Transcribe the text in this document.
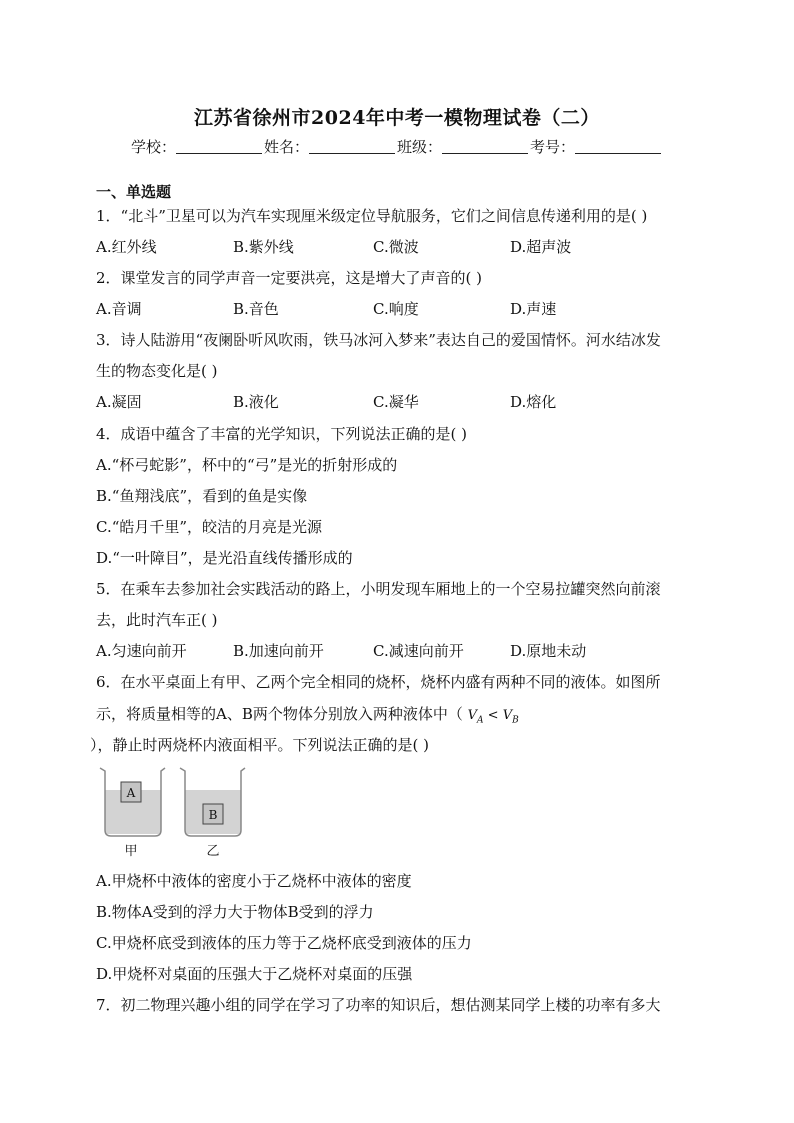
江苏省徐州市2024年中考一模物理试卷（二）
学校：	姓名：	班级：	考号：
一、单选题
1．“北斗”卫星可以为汽车实现厘米级定位导航服务，它们之间信息传递利用的是( )
A.红外线	B.紫外线	C.微波	D.超声波
2．课堂发言的同学声音一定要洪亮，这是增大了声音的( )
A.音调	B.音色	C.响度	D.声速
3．诗人陆游用“夜阑卧听风吹雨，铁马冰河入梦来”表达自己的爱国情怀。河水结冰发
生的物态变化是( )
A.凝固	B.液化	C.凝华	D.熔化
4．成语中蕴含了丰富的光学知识，下列说法正确的是( )
A.“杯弓蛇影”，杯中的“弓”是光的折射形成的
B.“鱼翔浅底”，看到的鱼是实像
C.“皓月千里”，皎洁的月亮是光源
D.“一叶障目”，是光沿直线传播形成的
5．在乘车去参加社会实践活动的路上，小明发现车厢地上的一个空易拉罐突然向前滚
去，此时汽车正( )
A.匀速向前开	B.加速向前开	C.减速向前开	D.原地未动
6．在水平桌面上有甲、乙两个完全相同的烧杯，烧杯内盛有两种不同的液体。如图所
示，将质量相等的A、B两个物体分别放入两种液体中（ $V_A < V_B$
），静止时两烧杯内液面相平。下列说法正确的是( )
A
甲
B
乙
A.甲烧杯中液体的密度小于乙烧杯中液体的密度
B.物体A受到的浮力大于物体B受到的浮力
C.甲烧杯底受到液体的压力等于乙烧杯底受到液体的压力
D.甲烧杯对桌面的压强大于乙烧杯对桌面的压强
7．初二物理兴趣小组的同学在学习了功率的知识后，想估测某同学上楼的功率有多大
